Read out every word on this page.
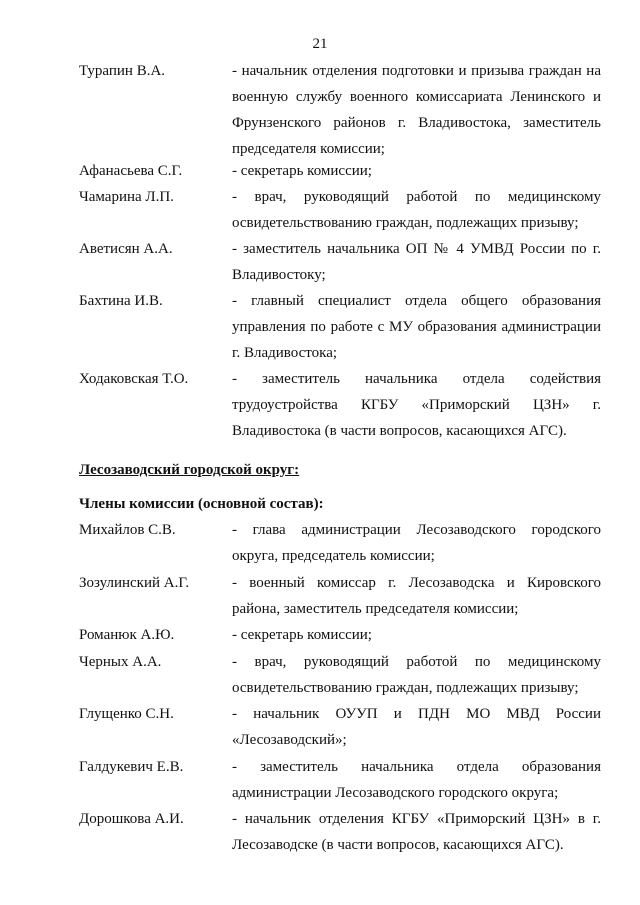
21
Турапин В.А.	- начальник отделения подготовки и призыва граждан на военную службу военного комиссариата Ленинского и Фрунзенского районов г. Владивостока, заместитель председателя комиссии;
Афанасьева С.Г.	- секретарь комиссии;
Чамарина Л.П.	- врач, руководящий работой по медицинскому освидетельствованию граждан, подлежащих призыву;
Аветисян А.А.	- заместитель начальника ОП № 4 УМВД России по г. Владивостоку;
Бахтина И.В.	- главный специалист отдела общего образования управления по работе с МУ образования администрации г. Владивостока;
Ходаковская Т.О.	- заместитель начальника отдела содействия трудоустройства КГБУ «Приморский ЦЗН» г. Владивостока (в части вопросов, касающихся АГС).
Лесозаводский городской округ:
Члены комиссии (основной состав):
Михайлов С.В.	- глава администрации Лесозаводского городского округа, председатель комиссии;
Зозулинский А.Г.	- военный комиссар г. Лесозаводска и Кировского района, заместитель председателя комиссии;
Романюк А.Ю.	- секретарь комиссии;
Черных А.А.	- врач, руководящий работой по медицинскому освидетельствованию граждан, подлежащих призыву;
Глущенко С.Н.	- начальник ОУУП и ПДН МО МВД России «Лесозаводский»;
Галдукевич Е.В.	- заместитель начальника отдела образования администрации Лесозаводского городского округа;
Дорошкова А.И.	- начальник отделения КГБУ «Приморский ЦЗН» в г. Лесозаводске (в части вопросов, касающихся АГС).
